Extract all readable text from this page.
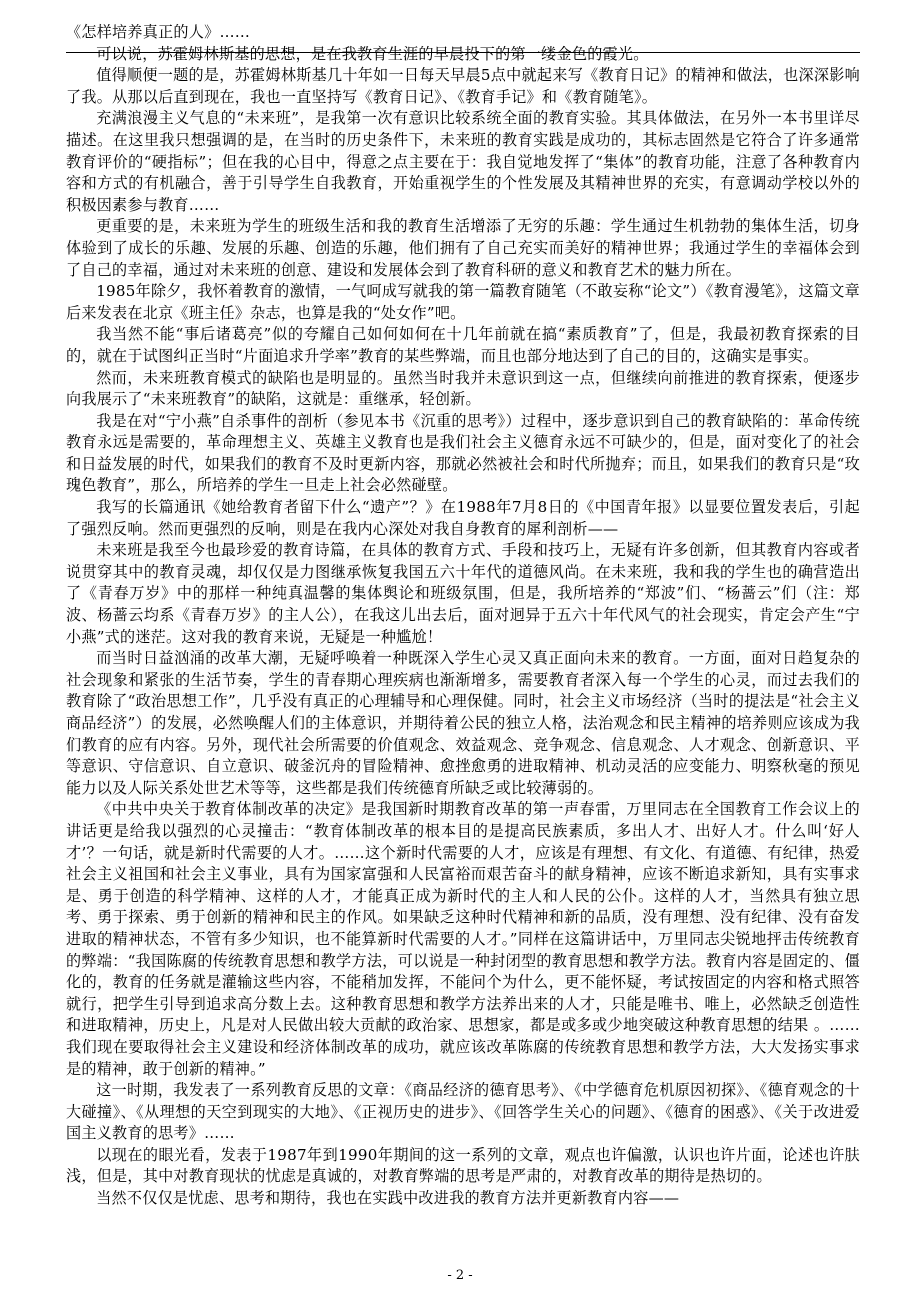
《怎样培养真正的人》……

可以说，苏霍姆林斯基的思想，是在我教育生涯的早晨投下的第一缕金色的霞光。

值得顺便一题的是，苏霍姆林斯基几十年如一日每天早晨5点中就起来写《教育日记》的精神和做法，也深深影响了我。从那以后直到现在，我也一直坚持写《教育日记》、《教育手记》和《教育随笔》。

充满浪漫主义气息的“未来班”，是我第一次有意识比较系统全面的教育实验。其具体做法，在另外一本书里详尽描述。在这里我只想强调的是，在当时的历史条件下，未来班的教育实践是成功的，其标志固然是它符合了许多通常教育评价的“硬指标”；但在我的心目中，得意之点主要在于：我自觉地发挥了“集体”的教育功能，注意了各种教育内容和方式的有机融合，善于引导学生自我教育，开始重视学生的个性发展及其精神世界的充实，有意调动学校以外的积极因素参与教育……

更重要的是，未来班为学生的班级生活和我的教育生活增添了无穷的乐趣：学生通过生机勃勃的集体生活，切身体验到了成长的乐趣、发展的乐趣、创造的乐趣，他们拥有了自己充实而美好的精神世界；我通过学生的幸福体会到了自己的幸福，通过对未来班的创意、建设和发展体会到了教育科研的意义和教育艺术的魅力所在。

1985年除夕，我怀着教育的激情，一气呵成写就我的第一篇教育随笔（不敢妄称“论文”）《教育漫笔》，这篇文章后来发表在北京《班主任》杂志，也算是我的“处女作”吧。

我当然不能“事后诸葛亮”似的夸耀自己如何如何在十几年前就在搞“素质教育”了，但是，我最初教育探索的目的，就在于试图纠正当时“片面追求升学率”教育的某些弊端，而且也部分地达到了自己的目的，这确实是事实。

然而，未来班教育模式的缺陷也是明显的。虽然当时我并未意识到这一点，但继续向前推进的教育探索，便逐步向我展示了“未来班教育”的缺陷，这就是：重继承，轻创新。

我是在对“宁小燕”自杀事件的剖析（参见本书《沉重的思考》）过程中，逐步意识到自己的教育缺陷的：革命传统教育永远是需要的，革命理想主义、英雄主义教育也是我们社会主义德育永远不可缺少的，但是，面对变化了的社会和日益发展的时代，如果我们的教育不及时更新内容，那就必然被社会和时代所抛弃；而且，如果我们的教育只是“玫瑰色教育”，那么，所培养的学生一旦走上社会必然碰壁。

我写的长篇通讯《她给教育者留下什么“遗产”？》在1988年7月8日的《中国青年报》以显要位置发表后，引起了强烈反响。然而更强烈的反响，则是在我内心深处对我自身教育的犀利剖析——

未来班是我至今也最珍爱的教育诗篇，在具体的教育方式、手段和技巧上，无疑有许多创新，但其教育内容或者说贯穿其中的教育灵魂，却仅仅是力图继承恢复我国五六十年代的道德风尚。在未来班，我和我的学生也的确营造出了《青春万岁》中的那样一种纯真温馨的集体舆论和班级氛围，但是，我所培养的“郑波”们、“杨蔷云”们（注：郑波、杨蔷云均系《青春万岁》的主人公），在我这儿出去后，面对迥异于五六十年代风气的社会现实，肯定会产生“宁小燕”式的迷茫。这对我的教育来说，无疑是一种尴尬！

而当时日益汹涌的改革大潮，无疑呼唤着一种既深入学生心灵又真正面向未来的教育。一方面，面对日趋复杂的社会现象和紧张的生活节奏，学生的青春期心理疾病也渐渐增多，需要教育者深入每一个学生的心灵，而过去我们的教育除了“政治思想工作”，几乎没有真正的心理辅导和心理保健。同时，社会主义市场经济（当时的提法是“社会主义商品经济”）的发展，必然唤醒人们的主体意识，并期待着公民的独立人格，法治观念和民主精神的培养则应该成为我们教育的应有内容。另外，现代社会所需要的价值观念、效益观念、竞争观念、信息观念、人才观念、创新意识、平等意识、守信意识、自立意识、破釜沉舟的冒险精神、愈挫愈勇的进取精神、机动灵活的应变能力、明察秋毫的预见能力以及人际关系处世艺术等等，这些都是我们传统德育所缺乏或比较薄弱的。

《中共中央关于教育体制改革的决定》是我国新时期教育改革的第一声春雷，万里同志在全国教育工作会议上的讲话更是给我以强烈的心灵撞击：“教育体制改革的根本目的是提高民族素质，多出人才、出好人才。什么叫‘好人才’？一句话，就是新时代需要的人才。……这个新时代需要的人才，应该是有理想、有文化、有道德、有纪律，热爱社会主义祖国和社会主义事业，具有为国家富强和人民富裕而艰苦奋斗的献身精神，应该不断追求新知，具有实事求是、勇于创造的科学精神、这样的人才，才能真正成为新时代的主人和人民的公仆。这样的人才，当然具有独立思考、勇于探索、勇于创新的精神和民主的作风。如果缺乏这种时代精神和新的品质，没有理想、没有纪律、没有奋发进取的精神状态，不管有多少知识，也不能算新时代需要的人才。”同样在这篇讲话中，万里同志尖锐地抨击传统教育的弊端：“我国陈腐的传统教育思想和教学方法，可以说是一种封闭型的教育思想和教学方法。教育内容是固定的、僵化的，教育的任务就是灌输这些内容，不能稍加发挥，不能问个为什么，更不能怀疑，考试按固定的内容和格式照答就行，把学生引导到追求高分数上去。这种教育思想和教学方法养出来的人才，只能是唯书、唯上，必然缺乏创造性和进取精神，历史上，凡是对人民做出较大贡献的政治家、思想家，都是或多或少地突破这种教育思想的结果 。……我们现在要取得社会主义建设和经济体制改革的成功，就应该改革陈腐的传统教育思想和教学方法，大大发扬实事求是的精神，敢于创新的精神。”

这一时期，我发表了一系列教育反思的文章：《商品经济的德育思考》、《中学德育危机原因初探》、《德育观念的十大碰撞》、《从理想的天空到现实的大地》、《正视历史的进步》、《回答学生关心的问题》、《德育的困惑》、《关于改进爱国主义教育的思考》……

以现在的眼光看，发表于1987年到1990年期间的这一系列的文章，观点也许偏激，认识也许片面，论述也许肤浅，但是，其中对教育现状的忧虑是真诚的，对教育弊端的思考是严肃的，对教育改革的期待是热切的。

当然不仅仅是忧虑、思考和期待，我也在实践中改进我的教育方法并更新教育内容——

- 2 -
